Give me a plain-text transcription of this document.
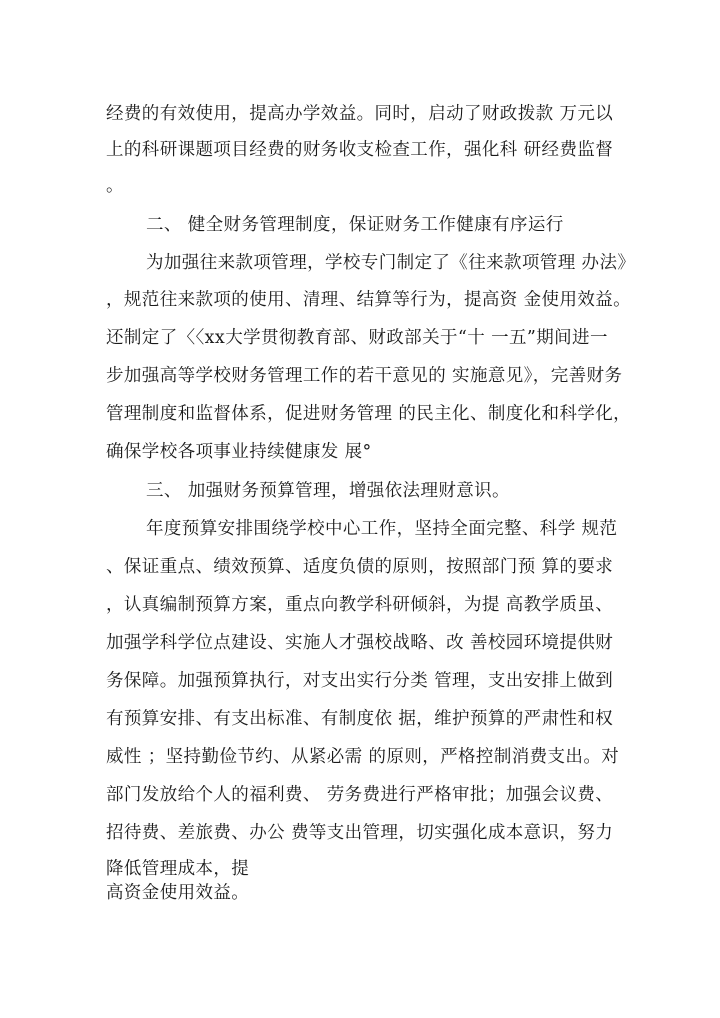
经费的有效使用，提高办学效益。同时，启动了财政拨款 万元以
上的科研课题项目经费的财务收支检查工作，强化科 研经费监督
。
二、 健全财务管理制度，保证财务工作健康有序运行
为加强往来款项管理，学校专门制定了《往来款项管理 办法》
，规范往来款项的使用、清理、结算等行为，提高资 金使用效益。
还制定了〈〈xx大学贯彻教育部、财政部关于“十 一五”期间进一
步加强高等学校财务管理工作的若干意见的 实施意见》，完善财务
管理制度和监督体系，促进财务管理 的民主化、制度化和科学化，
确保学校各项事业持续健康发 展°
三、 加强财务预算管理，增强依法理财意识。
年度预算安排围绕学校中心工作，坚持全面完整、科学 规范
、保证重点、绩效预算、适度负债的原则，按照部门预 算的要求
，认真编制预算方案，重点向教学科研倾斜，为提 高教学质虽、
加强学科学位点建设、实施人才强校战略、改 善校园环境提供财
务保障。加强预算执行，对支出实行分类 管理，支出安排上做到
有预算安排、有支出标准、有制度依 据，维护预算的严肃性和权
威性 ；坚持勤俭节约、从紧必需 的原则，严格控制消费支出。对
部门发放给个人的福利费、 劳务费进行严格审批；加强会议费、
招待费、差旅费、办公 费等支出管理，切实强化成本意识，努力
降低管理成本，提
高资金使用效益。
